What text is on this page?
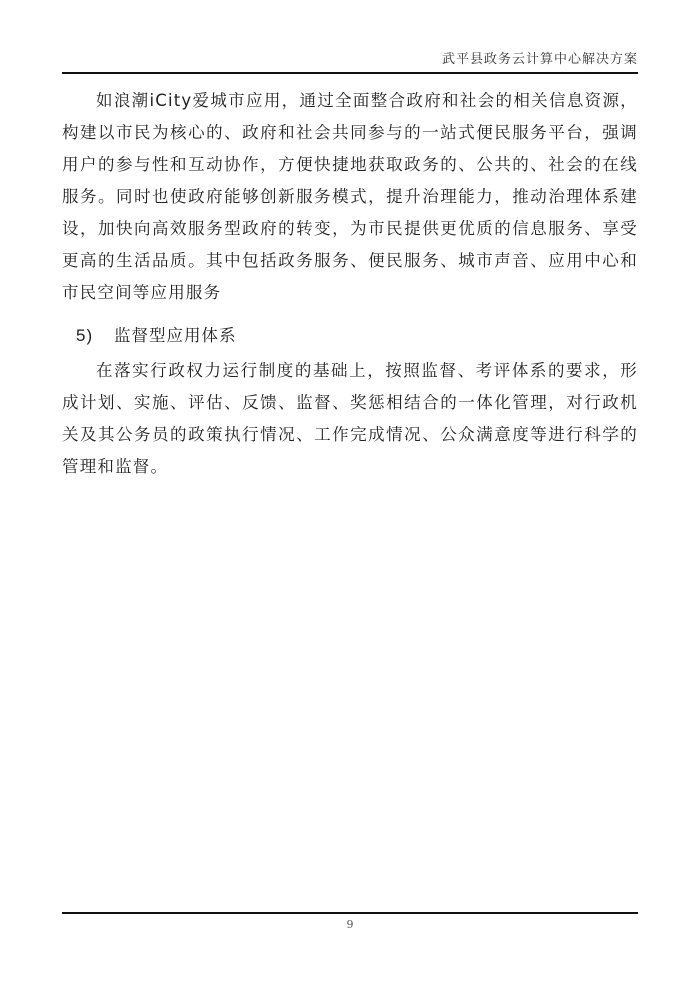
武平县政务云计算中心解决方案

如浪潮iCity爱城市应用，通过全面整合政府和社会的相关信息资源，构建以市民为核心的、政府和社会共同参与的一站式便民服务平台，强调用户的参与性和互动协作，方便快捷地获取政务的、公共的、社会的在线服务。同时也使政府能够创新服务模式，提升治理能力，推动治理体系建设，加快向高效服务型政府的转变，为市民提供更优质的信息服务、享受更高的生活品质。其中包括政务服务、便民服务、城市声音、应用中心和市民空间等应用服务

5) 监督型应用体系

在落实行政权力运行制度的基础上，按照监督、考评体系的要求，形成计划、实施、评估、反馈、监督、奖惩相结合的一体化管理，对行政机关及其公务员的政策执行情况、工作完成情况、公众满意度等进行科学的管理和监督。

9
